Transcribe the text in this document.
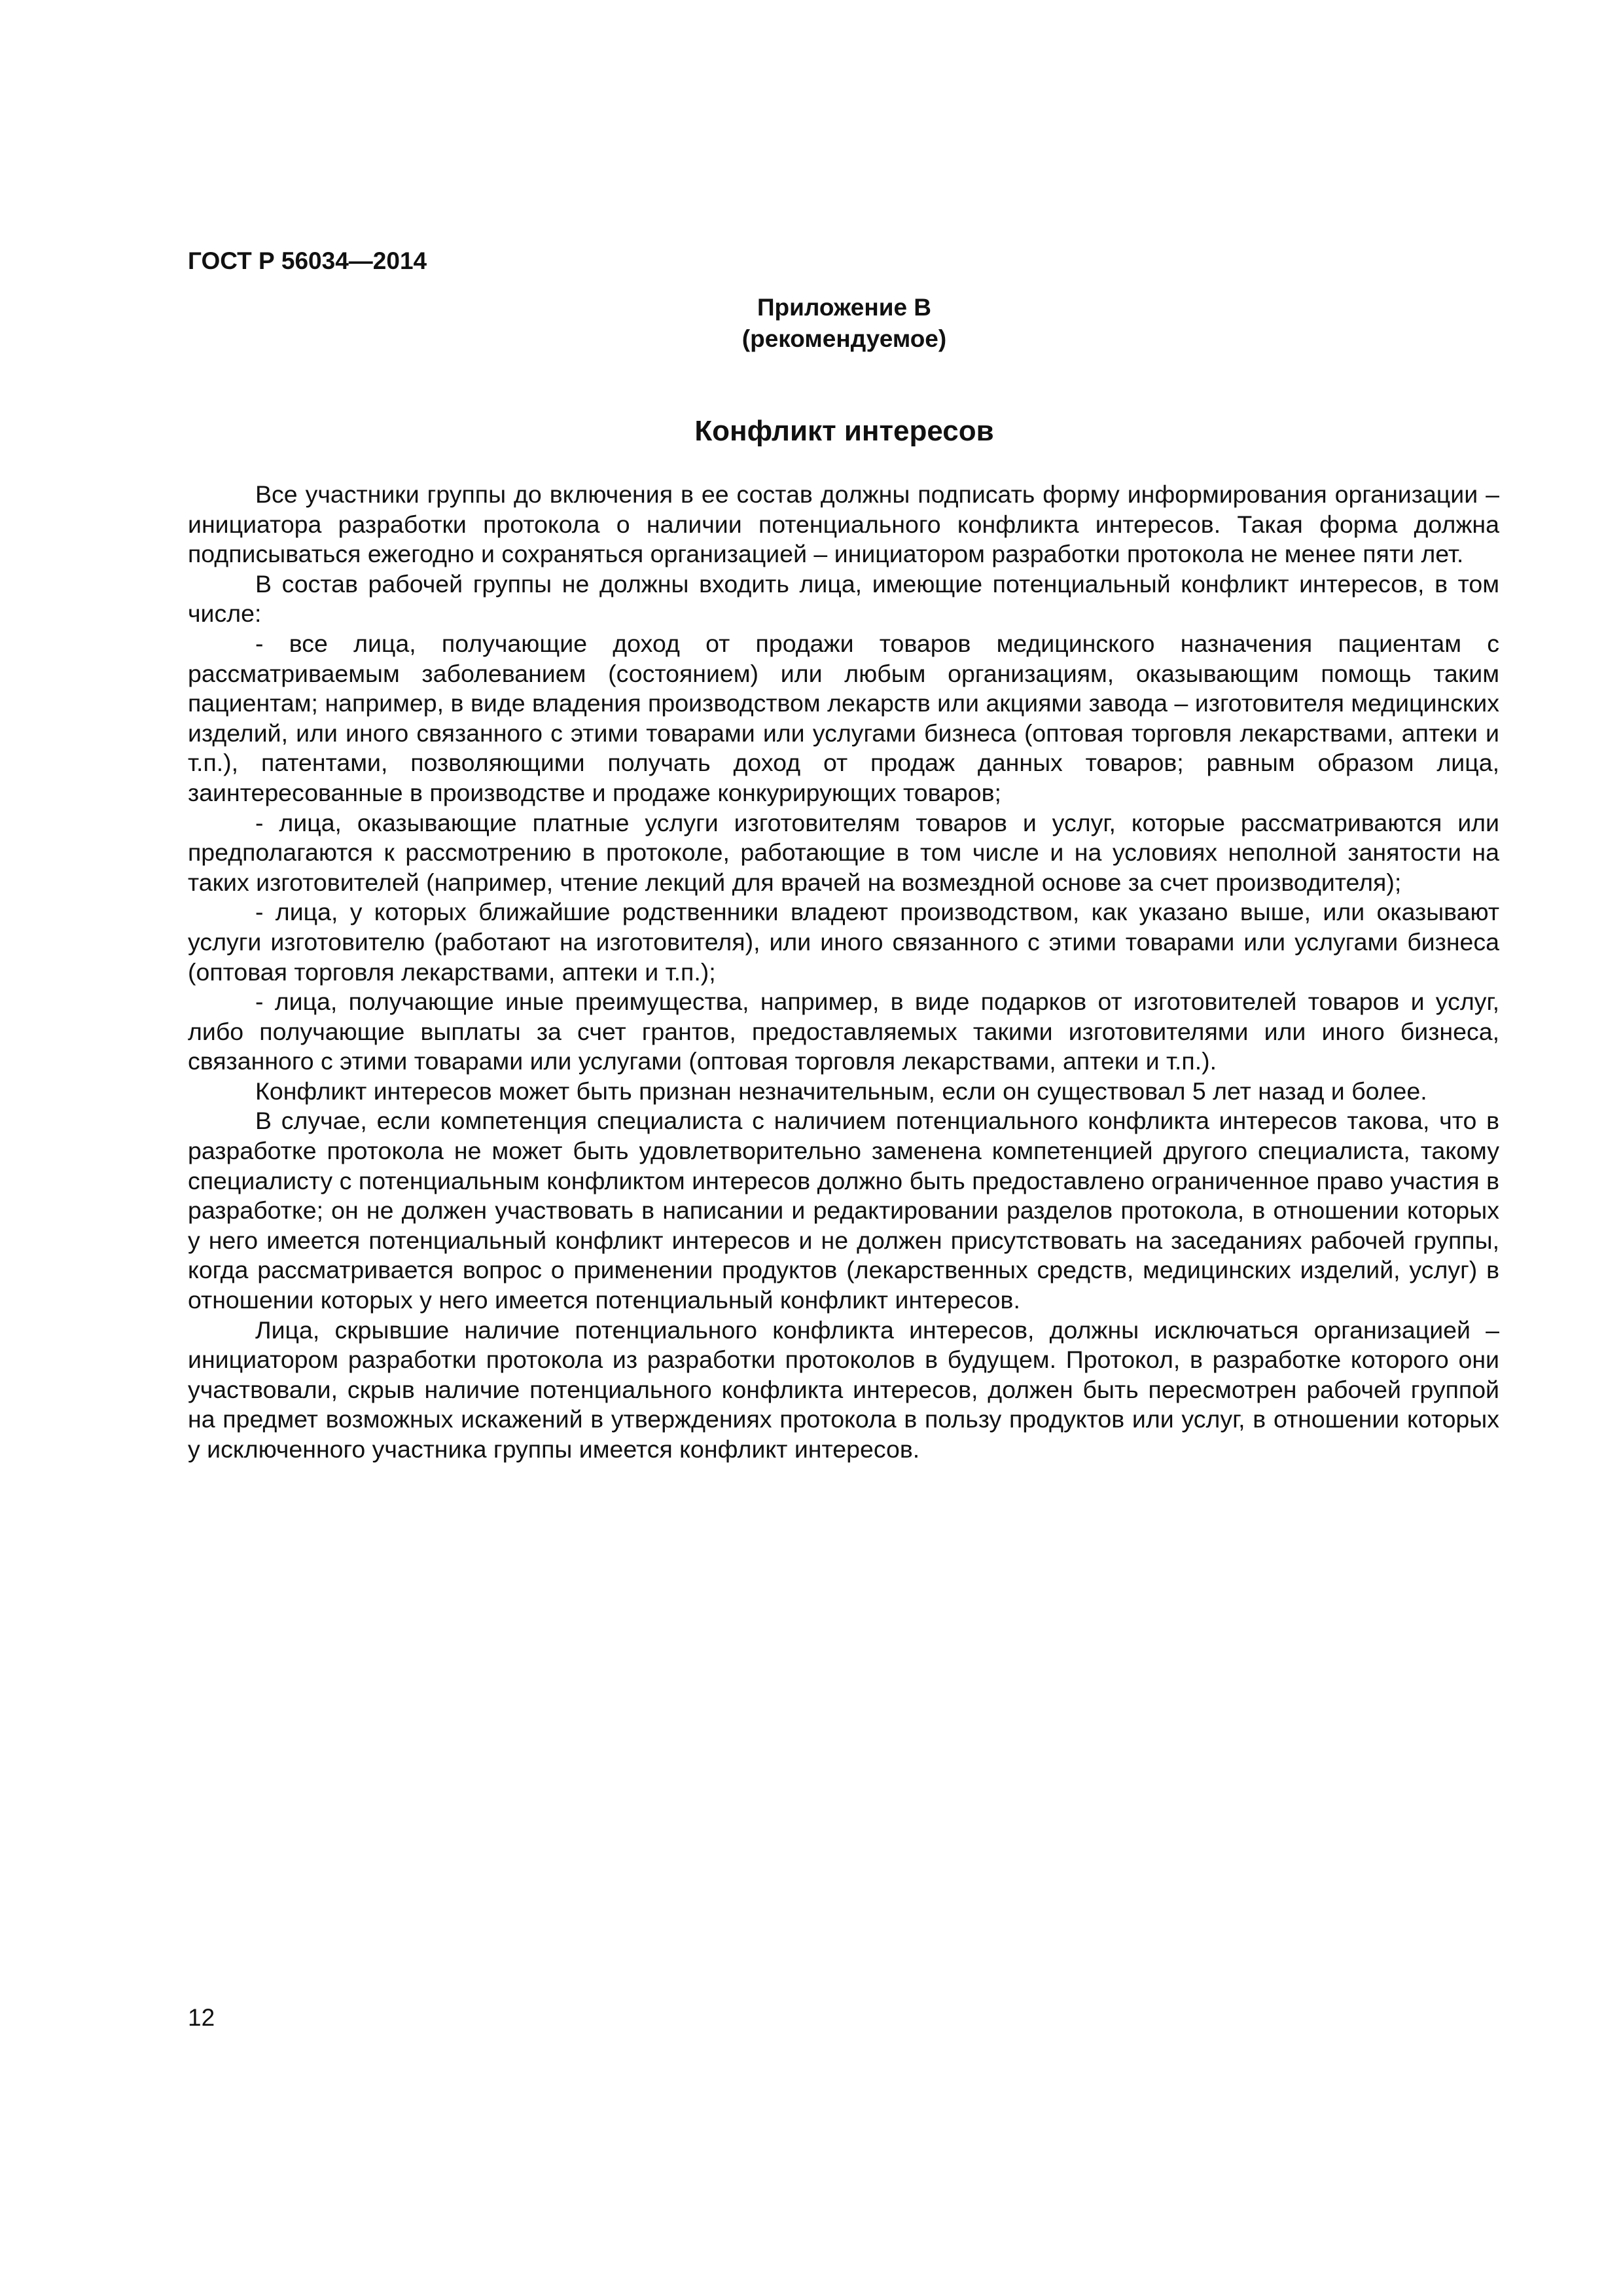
ГОСТ Р 56034—2014
Приложение В
(рекомендуемое)
Конфликт интересов

Все участники группы до включения в ее состав должны подписать форму информирования организации – инициатора разработки протокола о наличии потенциального конфликта интересов. Такая форма должна подписываться ежегодно и сохраняться организацией – инициатором разработки протокола не менее пяти лет.

В состав рабочей группы не должны входить лица, имеющие потенциальный конфликт интересов, в том числе:

- все лица, получающие доход от продажи товаров медицинского назначения пациентам с рассматриваемым заболеванием (состоянием) или любым организациям, оказывающим помощь таким пациентам; например, в виде владения производством лекарств или акциями завода – изготовителя медицинских изделий, или иного связанного с этими товарами или услугами бизнеса (оптовая торговля лекарствами, аптеки и т.п.), патентами, позволяющими получать доход от продаж данных товаров; равным образом лица, заинтересованные в производстве и продаже конкурирующих товаров;

- лица, оказывающие платные услуги изготовителям товаров и услуг, которые рассматриваются или предполагаются к рассмотрению в протоколе, работающие в том числе и на условиях неполной занятости на таких изготовителей (например, чтение лекций для врачей на возмездной основе за счет производителя);

- лица, у которых ближайшие родственники владеют производством, как указано выше, или оказывают услуги изготовителю (работают на изготовителя), или иного связанного с этими товарами или услугами бизнеса (оптовая торговля лекарствами, аптеки и т.п.);

- лица, получающие иные преимущества, например, в виде подарков от изготовителей товаров и услуг, либо получающие выплаты за счет грантов, предоставляемых такими изготовителями или иного бизнеса, связанного с этими товарами или услугами (оптовая торговля лекарствами, аптеки и т.п.).

Конфликт интересов может быть признан незначительным, если он существовал 5 лет назад и более.

В случае, если компетенция специалиста с наличием потенциального конфликта интересов такова, что в разработке протокола не может быть удовлетворительно заменена компетенцией другого специалиста, такому специалисту с потенциальным конфликтом интересов должно быть предоставлено ограниченное право участия в разработке; он не должен участвовать в написании и редактировании разделов протокола, в отношении которых у него имеется потенциальный конфликт интересов и не должен присутствовать на заседаниях рабочей группы, когда рассматривается вопрос о применении продуктов (лекарственных средств, медицинских изделий, услуг) в отношении которых у него имеется потенциальный конфликт интересов.

Лица, скрывшие наличие потенциального конфликта интересов, должны исключаться организацией – инициатором разработки протокола из разработки протоколов в будущем. Протокол, в разработке которого они участвовали, скрыв наличие потенциального конфликта интересов, должен быть пересмотрен рабочей группой на предмет возможных искажений в утверждениях протокола в пользу продуктов или услуг, в отношении которых у исключенного участника группы имеется конфликт интересов.

12
